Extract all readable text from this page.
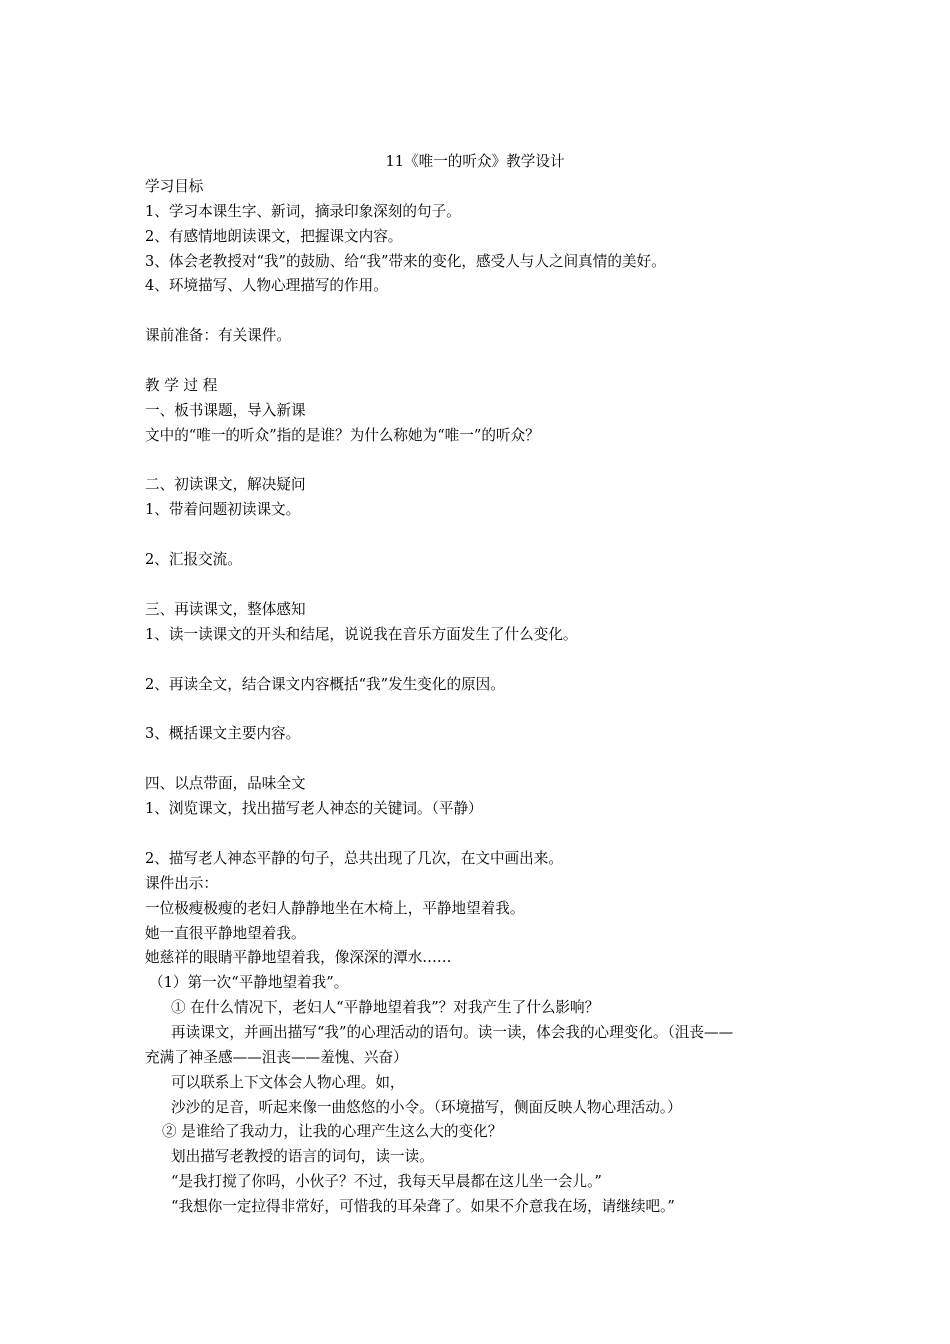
11《唯一的听众》教学设计

学习目标

1、学习本课生字、新词，摘录印象深刻的句子。

2、有感情地朗读课文，把握课文内容。

3、体会老教授对“我”的鼓励、给“我”带来的变化，感受人与人之间真情的美好。

4、环境描写、人物心理描写的作用。

课前准备：有关课件。

教 学 过 程

一、板书课题，导入新课

文中的“唯一的听众”指的是谁？为什么称她为“唯一”的听众？

二、初读课文，解决疑问

1、带着问题初读课文。

2、汇报交流。

三、再读课文，整体感知

1、读一读课文的开头和结尾，说说我在音乐方面发生了什么变化。

2、再读全文，结合课文内容概括“我”发生变化的原因。

3、概括课文主要内容。

四、以点带面，品味全文

1、浏览课文，找出描写老人神态的关键词。（平静）

2、描写老人神态平静的句子，总共出现了几次，在文中画出来。

课件出示：

一位极瘦极瘦的老妇人静静地坐在木椅上，平静地望着我。

她一直很平静地望着我。

她慈祥的眼睛平静地望着我，像深深的潭水……

（1）第一次“平静地望着我”。

① 在什么情况下，老妇人“平静地望着我”？对我产生了什么影响？

再读课文，并画出描写“我”的心理活动的语句。读一读，体会我的心理变化。（沮丧——

充满了神圣感——沮丧——羞愧、兴奋）

可以联系上下文体会人物心理。如，

沙沙的足音，听起来像一曲悠悠的小令。（环境描写，侧面反映人物心理活动。）

② 是谁给了我动力，让我的心理产生这么大的变化？

划出描写老教授的语言的词句，读一读。

“是我打搅了你吗，小伙子？不过，我每天早晨都在这儿坐一会儿。”

“我想你一定拉得非常好，可惜我的耳朵聋了。如果不介意我在场，请继续吧。”
